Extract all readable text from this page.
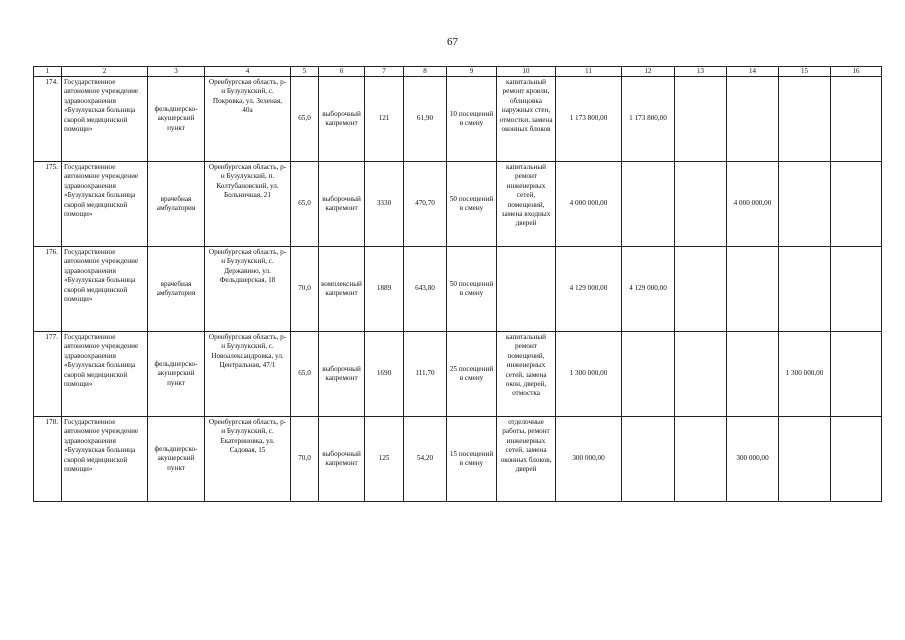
67
1	2	3	4	5	6	7	8	9	10	11	12	13	14	15	16
174.	Государственное автономное учреждение здравоохранения «Бузулукская больница скорой медицинской помощи»	фельдшерско-акушерский пункт	Оренбургская область, р-н Бузулукский, с. Покровка, ул. Зеленая, 40а	65,0	выборочный капремонт	121	61,90	10 посещений в смену	капитальный ремонт кровли, облицовка наружных стен, отмостки, замена оконных блоков	1 173 800,00	1 173 800,00				
175.	Государственное автономное учреждение здравоохранения «Бузулукская больница скорой медицинской помощи»	врачебная амбулатория	Оренбургская область, р-н Бузулукский, п. Колтубановский, ул. Больничная, 21	65,0	выборочный капремонт	3330	470,70	50 посещений в смену	капитальный ремонт инженерных сетей, помещений, замена входных дверей	4 000 000,00			4 000 000,00		
176.	Государственное автономное учреждение здравоохранения «Бузулукская больница скорой медицинской помощи»	врачебная амбулатория	Оренбургская область, р-н Бузулукский, с. Державино, ул. Фельдшерская, 18	70,0	комплексный капремонт	1889	643,80	50 посещений в смену		4 129 000,00	4 129 000,00				
177.	Государственное автономное учреждение здравоохранения «Бузулукская больница скорой медицинской помощи»	фельдшерско-акушерский пункт	Оренбургская область, р-н Бузулукский, с. Новоалександровка, ул. Центральная, 47/1	65,0	выборочный капремонт	1690	111,70	25 посещений в смену	капитальный ремонт помещений, инженерных сетей, замена окон, дверей, отмостка	1 300 000,00				1 300 000,00	
178.	Государственное автономное учреждение здравоохранения «Бузулукская больница скорой медицинской помощи»	фельдшерско-акушерский пункт	Оренбургская область, р-н Бузулукский, с. Екатериновка, ул. Садовая, 15	70,0	выборочный капремонт	125	54,20	15 посещений в смену	отделочные работы, ремонт инженерных сетей, замена оконных блоков, дверей	300 000,00			300 000,00		
